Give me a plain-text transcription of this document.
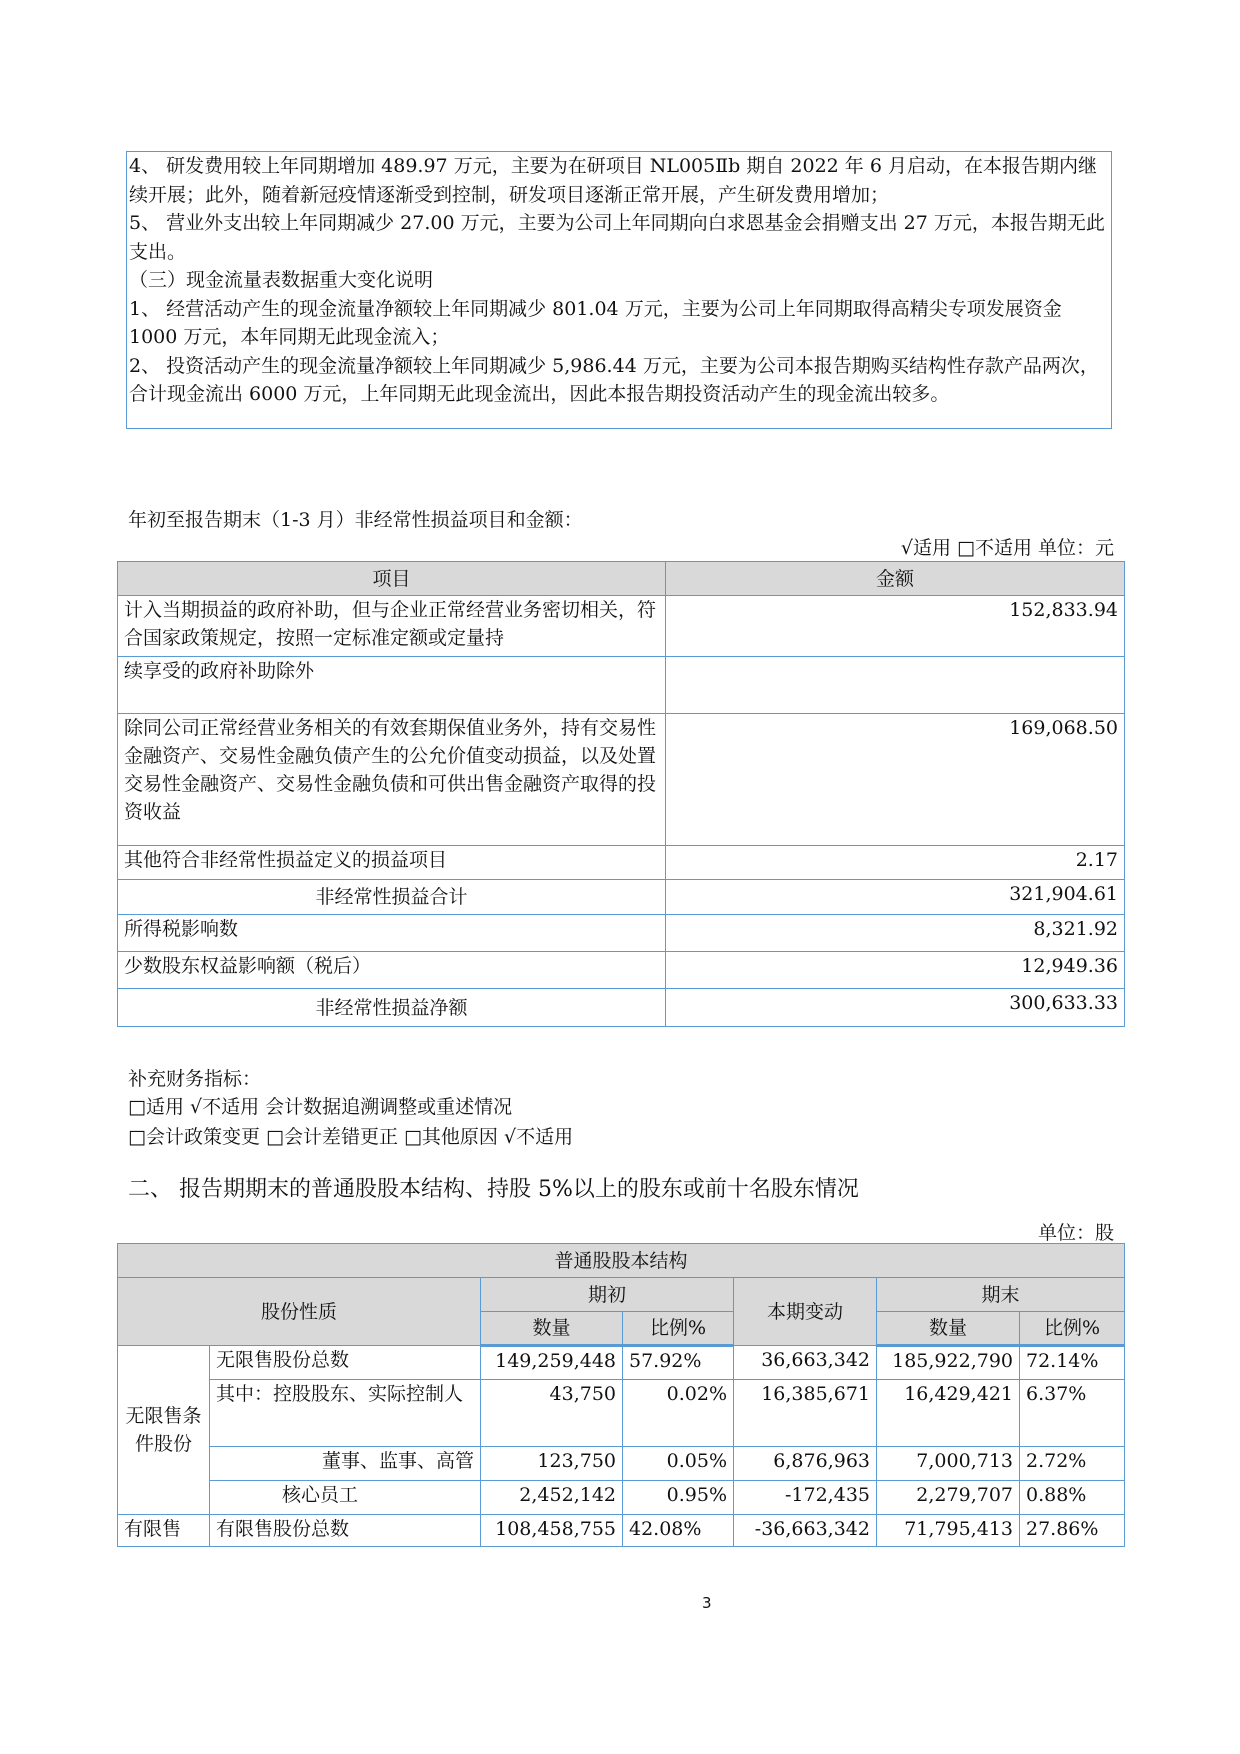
4、 研发费用较上年同期增加 489.97 万元，主要为在研项目 NL005Ⅱb 期自 2022 年 6 月启动，在本报告期内继续开展；此外，随着新冠疫情逐渐受到控制，研发项目逐渐正常开展，产生研发费用增加；

5、 营业外支出较上年同期减少 27.00 万元，主要为公司上年同期向白求恩基金会捐赠支出 27 万元，本报告期无此支出。

（三）现金流量表数据重大变化说明

1、 经营活动产生的现金流量净额较上年同期减少 801.04 万元，主要为公司上年同期取得高精尖专项发展资金 1000 万元，本年同期无此现金流入；

2、 投资活动产生的现金流量净额较上年同期减少 5,986.44 万元，主要为公司本报告期购买结构性存款产品两次，合计现金流出 6000 万元，上年同期无此现金流出，因此本报告期投资活动产生的现金流出较多。

年初至报告期末（1-3 月）非经常性损益项目和金额：
√适用 □不适用 单位：元
项目	金额
计入当期损益的政府补助，但与企业正常经营业务密切相关，符合国家政策规定，按照一定标准定额或定量持	152,833.94
续享受的政府补助除外	
除同公司正常经营业务相关的有效套期保值业务外，持有交易性金融资产、交易性金融负债产生的公允价值变动损益，以及处置交易性金融资产、交易性金融负债和可供出售金融资产取得的投资收益	169,068.50
其他符合非经常性损益定义的损益项目	2.17
非经常性损益合计	321,904.61
所得税影响数	8,321.92
少数股东权益影响额（税后）	12,949.36
非经常性损益净额	300,633.33
补充财务指标：
□适用 √不适用 会计数据追溯调整或重述情况
□会计政策变更 □会计差错更正 □其他原因 √不适用
二、 报告期期末的普通股股本结构、持股 5%以上的股东或前十名股东情况
单位：股
普通股股本结构						
股份性质		期初		本期变动	期末	
		数量	比例%		数量	比例%
无限售条件股份	无限售股份总数	149,259,448	57.92%	36,663,342	185,922,790	72.14%
	其中：控股股东、实际控制人	43,750	0.02%	16,385,671	16,429,421	6.37%
	董事、监事、高管	123,750	0.05%	6,876,963	7,000,713	2.72%
	核心员工	2,452,142	0.95%	-172,435	2,279,707	0.88%
有限售	有限售股份总数	108,458,755	42.08%	-36,663,342	71,795,413	27.86%
3
